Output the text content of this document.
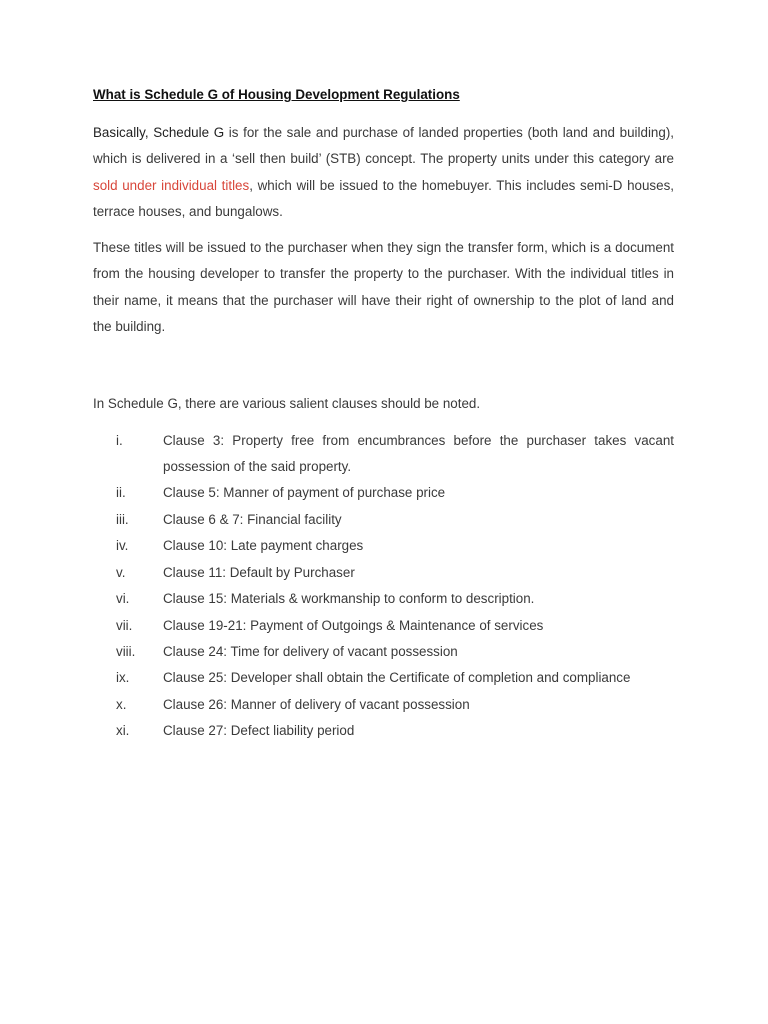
What is Schedule G of Housing Development Regulations

Basically, Schedule G is for the sale and purchase of landed properties (both land and building), which is delivered in a ‘sell then build’ (STB) concept. The property units under this category are sold under individual titles, which will be issued to the homebuyer. This includes semi-D houses, terrace houses, and bungalows.

These titles will be issued to the purchaser when they sign the transfer form, which is a document from the housing developer to transfer the property to the purchaser. With the individual titles in their name, it means that the purchaser will have their right of ownership to the plot of land and the building.

In Schedule G, there are various salient clauses should be noted.

i.	Clause 3: Property free from encumbrances before the purchaser takes vacant possession of the said property.
ii.	Clause 5: Manner of payment of purchase price
iii.	Clause 6 & 7: Financial facility
iv.	Clause 10: Late payment charges
v.	Clause 11: Default by Purchaser
vi.	Clause 15: Materials & workmanship to conform to description.
vii.	Clause 19-21: Payment of Outgoings & Maintenance of services
viii.	Clause 24: Time for delivery of vacant possession
ix.	Clause 25: Developer shall obtain the Certificate of completion and compliance
x.	Clause 26: Manner of delivery of vacant possession
xi.	Clause 27: Defect liability period
